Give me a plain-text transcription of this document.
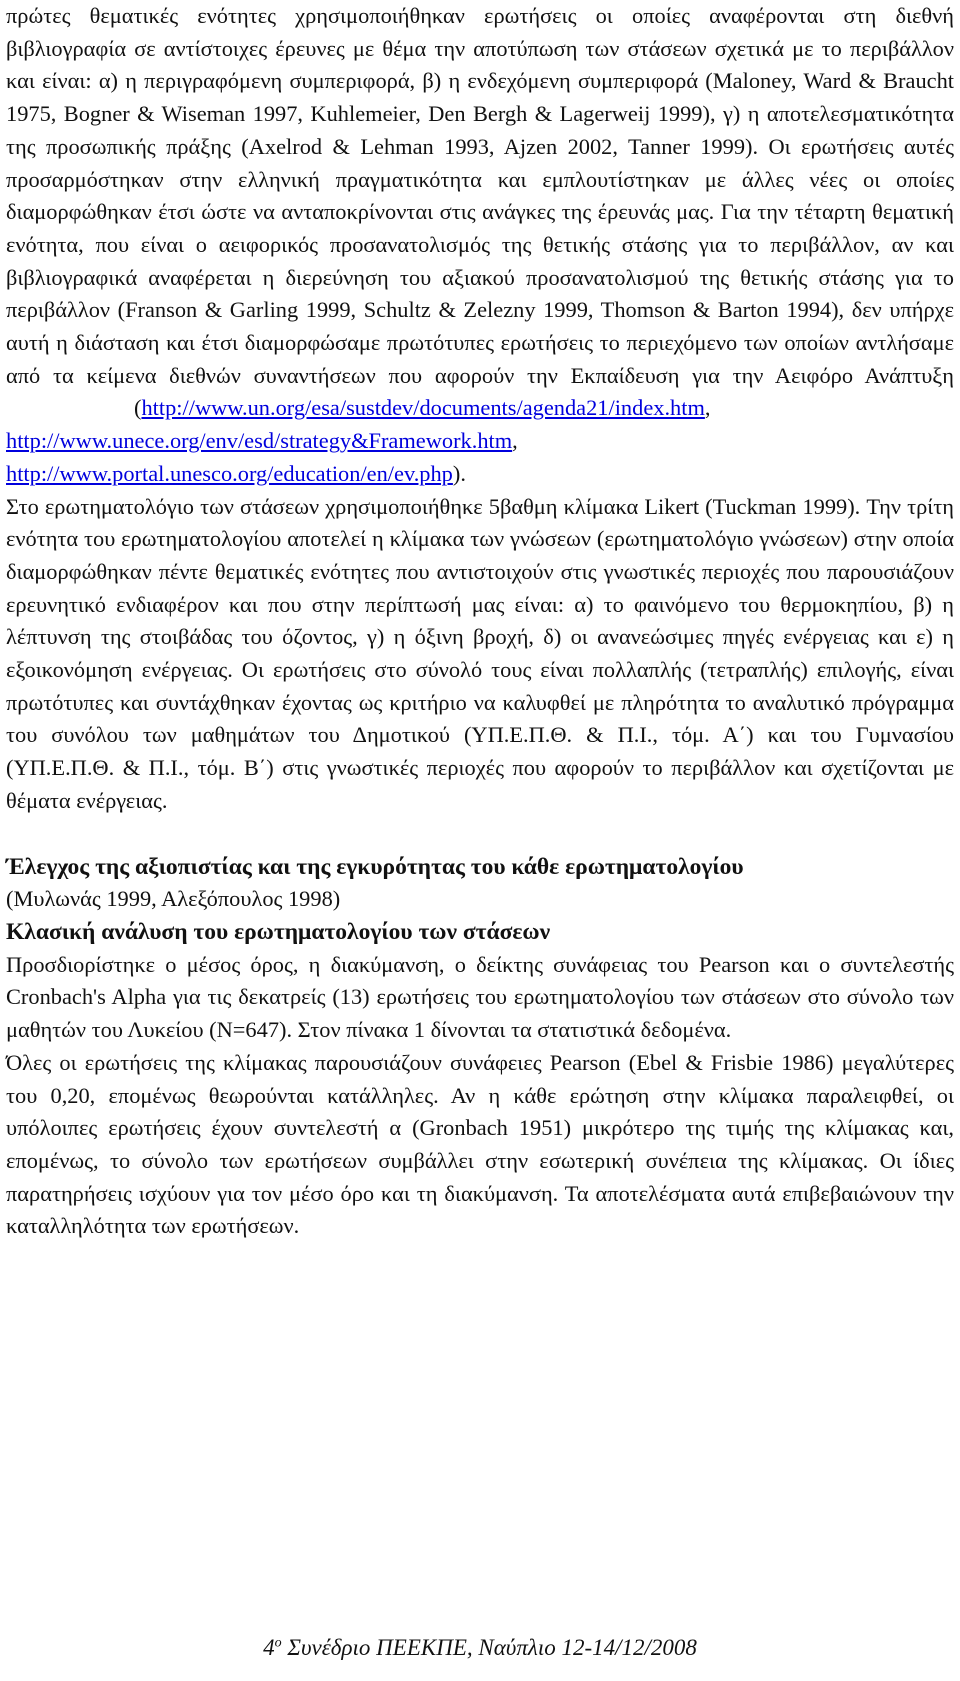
πρώτες θεματικές ενότητες χρησιμοποιήθηκαν ερωτήσεις οι οποίες αναφέρονται στη διεθνή βιβλιογραφία σε αντίστοιχες έρευνες με θέμα την αποτύπωση των στάσεων σχετικά με το περιβάλλον και είναι: α) η περιγραφόμενη συμπεριφορά, β) η ενδεχόμενη συμπεριφορά (Maloney, Ward & Braucht 1975, Bogner & Wiseman 1997, Kuhlemeier, Den Bergh & Lagerweij 1999), γ) η αποτελεσματικότητα της προσωπικής πράξης (Axelrod & Lehman 1993, Ajzen 2002, Tanner 1999). Οι ερωτήσεις αυτές προσαρμόστηκαν στην ελληνική πραγματικότητα και εμπλουτίστηκαν με άλλες νέες οι οποίες διαμορφώθηκαν έτσι ώστε να ανταποκρίνονται στις ανάγκες της έρευνάς μας. Για την τέταρτη θεματική ενότητα, που είναι ο αειφορικός προσανατολισμός της θετικής στάσης για το περιβάλλον, αν και βιβλιογραφικά αναφέρεται η διερεύνηση του αξιακού προσανατολισμού της θετικής στάσης για το περιβάλλον (Franson & Garling 1999, Schultz & Zelezny 1999, Thomson & Barton 1994), δεν υπήρχε αυτή η διάσταση και έτσι διαμορφώσαμε πρωτότυπες ερωτήσεις το περιεχόμενο των οποίων αντλήσαμε από τα κείμενα διεθνών συναντήσεων που αφορούν την Εκπαίδευση για την Αειφόρο Ανάπτυξη(http://www.un.org/esa/sustdev/documents/agenda21/index.htm,
http://www.unece.org/env/esd/strategy&Framework.htm,
http://www.portal.unesco.org/education/en/ev.php).

Στο ερωτηματολόγιο των στάσεων χρησιμοποιήθηκε 5βαθμη κλίμακα Likert (Tuckman 1999). Την τρίτη ενότητα του ερωτηματολογίου αποτελεί η κλίμακα των γνώσεων (ερωτηματολόγιο γνώσεων) στην οποία διαμορφώθηκαν πέντε θεματικές ενότητες που αντιστοιχούν στις γνωστικές περιοχές που παρουσιάζουν ερευνητικό ενδιαφέρον και που στην περίπτωσή μας είναι: α) το φαινόμενο του θερμοκηπίου, β) η λέπτυνση της στοιβάδας του όζοντος, γ) η όξινη βροχή, δ) οι ανανεώσιμες πηγές ενέργειας και ε) η εξοικονόμηση ενέργειας. Οι ερωτήσεις στο σύνολό τους είναι πολλαπλής (τετραπλής) επιλογής, είναι πρωτότυπες και συντάχθηκαν έχοντας ως κριτήριο να καλυφθεί με πληρότητα το αναλυτικό πρόγραμμα του συνόλου των μαθημάτων του Δημοτικού (ΥΠ.Ε.Π.Θ. & Π.Ι., τόμ. Α΄) και του Γυμνασίου (ΥΠ.Ε.Π.Θ. & Π.Ι., τόμ. Β΄) στις γνωστικές περιοχές που αφορούν το περιβάλλον και σχετίζονται με θέματα ενέργειας.

Έλεγχος της αξιοπιστίας και της εγκυρότητας του κάθε ερωτηματολογίου
(Μυλωνάς 1999, Αλεξόπουλος 1998)

Κλασική ανάλυση του ερωτηματολογίου των στάσεων

Προσδιορίστηκε ο μέσος όρος, η διακύμανση, ο δείκτης συνάφειας του Pearson και ο συντελεστής Cronbach's Alpha για τις δεκατρείς (13) ερωτήσεις του ερωτηματολογίου των στάσεων στο σύνολο των μαθητών του Λυκείου (Ν=647). Στον πίνακα 1 δίνονται τα στατιστικά δεδομένα.

Όλες οι ερωτήσεις της κλίμακας παρουσιάζουν συνάφειες Pearson (Ebel & Frisbie 1986) μεγαλύτερες του 0,20, επομένως θεωρούνται κατάλληλες. Αν η κάθε ερώτηση στην κλίμακα παραλειφθεί, οι υπόλοιπες ερωτήσεις έχουν συντελεστή α (Gronbach 1951) μικρότερο της τιμής της κλίμακας και, επομένως, το σύνολο των ερωτήσεων συμβάλλει στην εσωτερική συνέπεια της κλίμακας. Οι ίδιες παρατηρήσεις ισχύουν για τον μέσο όρο και τη διακύμανση. Τα αποτελέσματα αυτά επιβεβαιώνουν την καταλληλότητα των ερωτήσεων.

$4^o$ Συνέδριο ΠΕΕΚΠΕ, Ναύπλιο 12-14/12/2008
